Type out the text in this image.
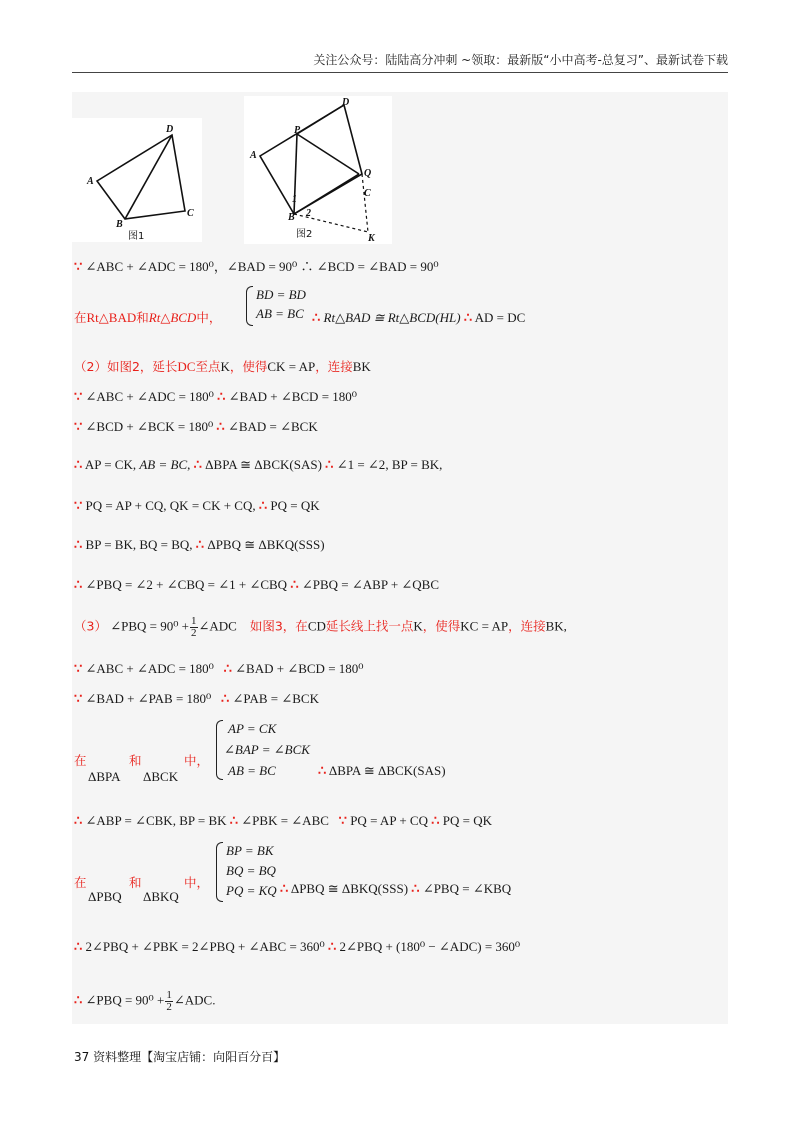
关注公众号：陆陆高分冲刺 ~领取：最新版“小中高考-总复习”、最新试卷下载
A
D
C
B
图1
A
D
P
Q
C
B
K
1
2
图2
∵ ∠ABC + ∠ADC = 180⁰，∠BAD = 90⁰ ∴ ∠BCD = ∠BAD = 90⁰
在Rt△BAD和Rt△BCD中，
BD = BD
AB = BC ∴ Rt△BAD ≅ Rt△BCD(HL) ∴ AD = DC
（2）如图2，延长DC至点K，使得CK = AP，连接BK
∵ ∠ABC + ∠ADC = 180⁰ ∴ ∠BAD + ∠BCD = 180⁰
∵ ∠BCD + ∠BCK = 180⁰ ∴ ∠BAD = ∠BCK
∴ AP = CK, AB = BC, ∴ ΔBPA ≅ ΔBCK(SAS) ∴ ∠1 = ∠2, BP = BK,
∵ PQ = AP + CQ, QK = CK + CQ, ∴ PQ = QK
∴ BP = BK, BQ = BQ, ∴ ΔPBQ ≅ ΔBKQ(SSS)
∴ ∠PBQ = ∠2 + ∠CBQ = ∠1 + ∠CBQ ∴ ∠PBQ = ∠ABP + ∠QBC
（3） ∠PBQ = $90^0 + \frac{1}{2}$ ∠ADC 如图3，在CD延长线上找一点K，使得KC = AP，连接BK,
∵ ∠ABC + ∠ADC = 180⁰ ∴ ∠BAD + ∠BCD = 180⁰
∵ ∠BAD + ∠PAB = 180⁰ ∴ ∠PAB = ∠BCK
在	和	中，
ΔBPA ΔBCK
AP = CK
∠BAP = ∠BCK
AB = BC	∴ ΔBPA ≅ ΔBCK(SAS)
∴ ∠ABP = ∠CBK, BP = BK ∴ ∠PBK = ∠ABC ∵ PQ = AP + CQ ∴ PQ = QK
在	和	中，
ΔPBQ ΔBKQ
BP = BK
BQ = BQ
PQ = KQ ∴ ΔPBQ ≅ ΔBKQ(SSS) ∴ ∠PBQ = ∠KBQ
∴ 2∠PBQ + ∠PBK = 2∠PBQ + ∠ABC = 360⁰ ∴ 2∠PBQ + (180⁰ − ∠ADC) = 360⁰
∴ ∠PBQ = $90^0 + \frac{1}{2}$ ∠ADC.
37 资料整理【淘宝店铺：向阳百分百】
